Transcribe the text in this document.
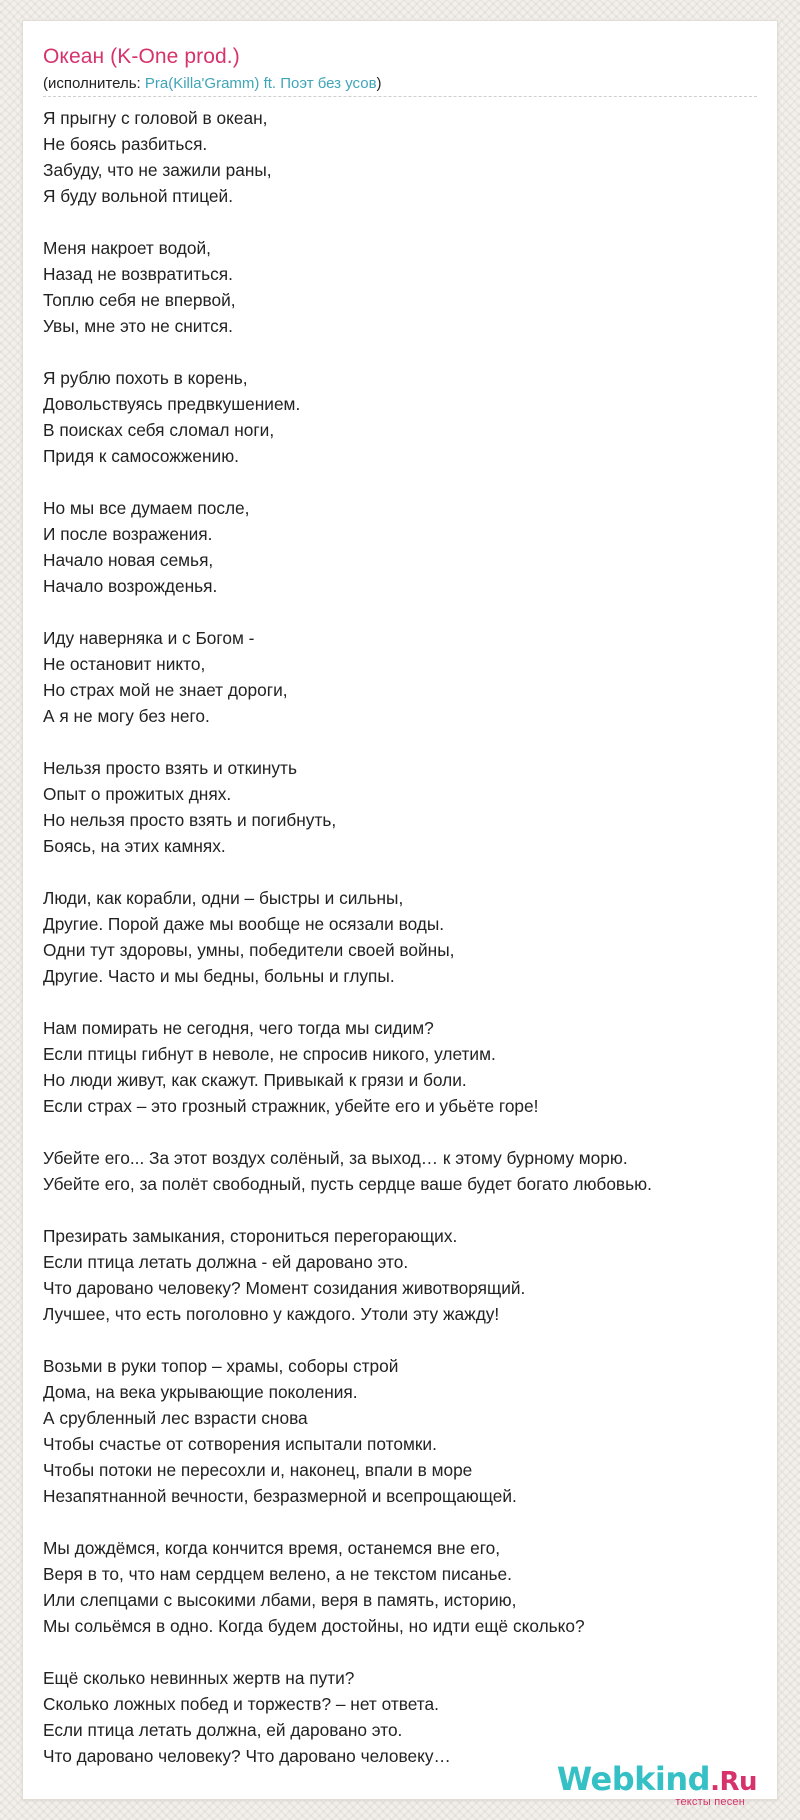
Океан (K-One prod.)
(исполнитель: Pra(Killa'Gramm) ft. Поэт без усов)
Я прыгну с головой в океан,
Не боясь разбиться.
Забуду, что не зажили раны,
Я буду вольной птицей.
Меня накроет водой,
Назад не возвратиться.
Топлю себя не впервой,
Увы, мне это не снится.
Я рублю похоть в корень,
Довольствуясь предвкушением.
В поисках себя сломал ноги,
Придя к самосожжению.
Но мы все думаем после,
И после возражения.
Начало новая семья,
Начало возрожденья.
Иду наверняка и с Богом -
Не остановит никто,
Но страх мой не знает дороги,
А я не могу без него.
Нельзя просто взять и откинуть
Опыт о прожитых днях.
Но нельзя просто взять и погибнуть,
Боясь, на этих камнях.
Люди, как корабли, одни – быстры и сильны,
Другие. Порой даже мы вообще не осязали воды.
Одни тут здоровы, умны, победители своей войны,
Другие. Часто и мы бедны, больны и глупы.
Нам помирать не сегодня, чего тогда мы сидим?
Если птицы гибнут в неволе, не спросив никого, улетим.
Но люди живут, как скажут. Привыкай к грязи и боли.
Если страх – это грозный стражник, убейте его и убьёте горе!
Убейте его... За этот воздух солёный, за выход… к этому бурному морю.
Убейте его, за полёт свободный, пусть сердце ваше будет богато любовью.
Презирать замыкания, сторониться перегорающих.
Если птица летать должна - ей даровано это.
Что даровано человеку? Момент созидания животворящий.
Лучшее, что есть поголовно у каждого. Утоли эту жажду!
Возьми в руки топор – храмы, соборы строй
Дома, на века укрывающие поколения.
А срубленный лес взрасти снова
Чтобы счастье от сотворения испытали потомки.
Чтобы потоки не пересохли и, наконец, впали в море
Незапятнанной вечности, безразмерной и всепрощающей.
Мы дождёмся, когда кончится время, останемся вне его,
Веря в то, что нам сердцем велено, а не текстом писанье.
Или слепцами с высокими лбами, веря в память, историю,
Мы сольёмся в одно. Когда будем достойны, но идти ещё сколько?
Ещё сколько невинных жертв на пути?
Сколько ложных побед и торжеств? – нет ответа.
Если птица летать должна, ей даровано это.
Что даровано человеку? Что даровано человеку…
Webkind.Ru
тексты песен
